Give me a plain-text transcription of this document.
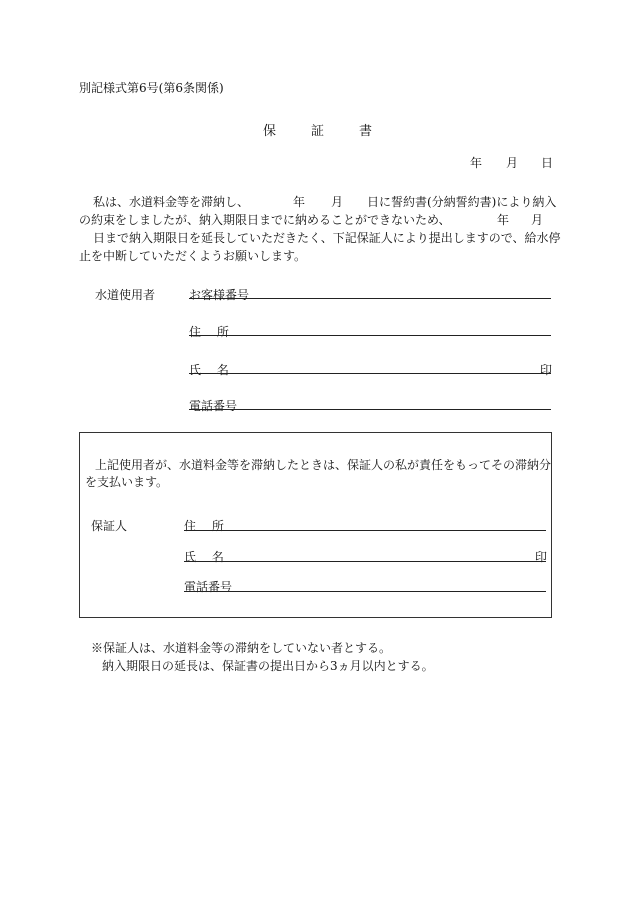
別記様式第6号(第6条関係)
保	証	書
年 月 日
私は、水道料金等を滞納し、	年 月 日に誓約書(分納誓約書)により納入
の約束をしましたが、納入期限日までに納めることができないため、	年 月
日まで納入期限日を延長していただきたく、下記保証人により提出しますので、給水停
止を中断していただくようお願いします。
水道使用者	お客様番号
住　 所
氏　 名	印
電話番号
上記使用者が、水道料金等を滞納したときは、保証人の私が責任をもってその滞納分
を支払います。
保証人	住　 所
氏　 名	印
電話番号
※保証人は、水道料金等の滞納をしていない者とする。
納入期限日の延長は、保証書の提出日から3ヵ月以内とする。
